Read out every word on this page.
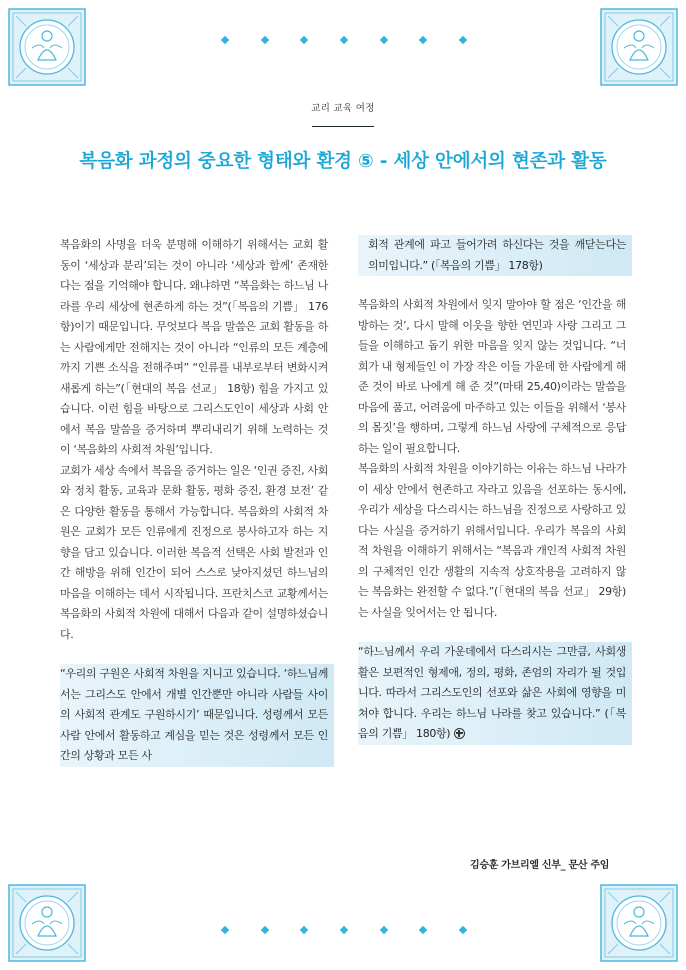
교리 교육 여정
복음화 과정의 중요한 형태와 환경 ⑤ - 세상 안에서의 현존과 활동

복음화의 사명을 더욱 분명해 이해하기 위해서는 교회 활동이 ‘세상과 분리’되는 것이 아니라 ‘세상과 함께’ 존재한다는 점을 기억해야 합니다. 왜냐하면 “복음화는 하느님 나라를 우리 세상에 현존하게 하는 것”(「복음의 기쁨」 176항)이기 때문입니다. 무엇보다 복음 말씀은 교회 활동을 하는 사람에게만 전해지는 것이 아니라 “인류의 모든 계층에까지 기쁜 소식을 전해주며” “인류를 내부로부터 변화시켜 새롭게 하는”(「현대의 복음 선교」 18항) 힘을 가지고 있습니다. 이런 힘을 바탕으로 그리스도인이 세상과 사회 안에서 복음 말씀을 증거하며 뿌리내리기 위해 노력하는 것이 ‘복음화의 사회적 차원’입니다.

교회가 세상 속에서 복음을 증거하는 일은 ‘인권 증진, 사회와 정치 활동, 교육과 문화 활동, 평화 증진, 환경 보전’ 같은 다양한 활동을 통해서 가능합니다. 복음화의 사회적 차원은 교회가 모든 인류에게 진정으로 봉사하고자 하는 지향을 담고 있습니다. 이러한 복음적 선택은 사회 발전과 인간 해방을 위해 인간이 되어 스스로 낮아지셨던 하느님의 마음을 이해하는 데서 시작됩니다. 프란치스코 교황께서는 복음화의 사회적 차원에 대해서 다음과 같이 설명하셨습니다.

“우리의 구원은 사회적 차원을 지니고 있습니다. ‘하느님께서는 그리스도 안에서 개별 인간뿐만 아니라 사람들 사이의 사회적 관계도 구원하시기’ 때문입니다. 성령께서 모든 사람 안에서 활동하고 계심을 믿는 것은 성령께서 모든 인간의 상황과 모든 사

회적 관계에 파고 들어가려 하신다는 것을 깨닫는다는 의미입니다.” (「복음의 기쁨」 178항)

복음화의 사회적 차원에서 잊지 말아야 할 점은 ‘인간을 해방하는 것’, 다시 말해 이웃을 향한 연민과 사랑 그리고 그들을 이해하고 돕기 위한 마음을 잊지 않는 것입니다. “너희가 내 형제들인 이 가장 작은 이들 가운데 한 사람에게 해 준 것이 바로 나에게 해 준 것”(마태 25,40)이라는 말씀을 마음에 품고, 어려움에 마주하고 있는 이들을 위해서 ‘봉사의 몸짓’을 행하며, 그렇게 하느님 사랑에 구체적으로 응답하는 일이 필요합니다.

복음화의 사회적 차원을 이야기하는 이유는 하느님 나라가 이 세상 안에서 현존하고 자라고 있음을 선포하는 동시에, 우리가 세상을 다스리시는 하느님을 진정으로 사랑하고 있다는 사실을 증거하기 위해서입니다. 우리가 복음의 사회적 차원을 이해하기 위해서는 “복음과 개인적 사회적 차원의 구체적인 인간 생활의 지속적 상호작용을 고려하지 않는 복음화는 완전할 수 없다.”(「현대의 복음 선교」 29항)는 사실을 잊어서는 안 됩니다.

“하느님께서 우리 가운데에서 다스리시는 그만큼, 사회생활은 보편적인 형제애, 정의, 평화, 존엄의 자리가 될 것입니다. 따라서 그리스도인의 선포와 삶은 사회에 영향을 미쳐야 합니다. 우리는 하느님 나라를 찾고 있습니다.” (「복음의 기쁨」 180항)

김승훈 가브리엘 신부_ 문산 주임
